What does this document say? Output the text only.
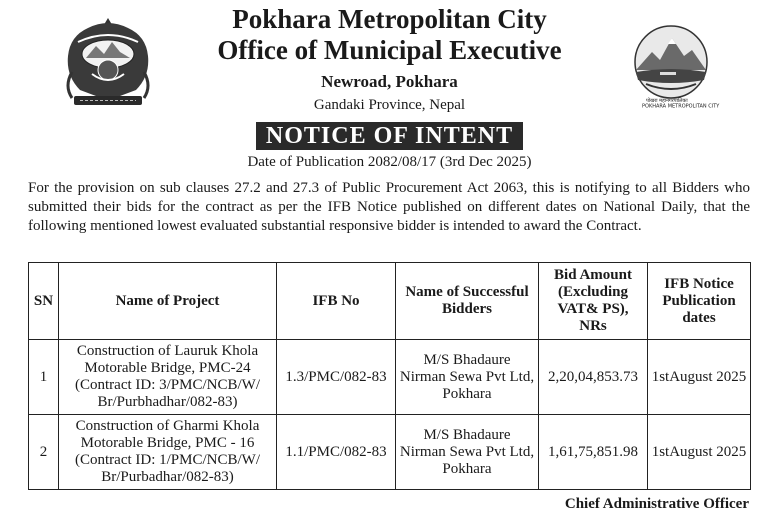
Pokhara Metropolitan City
Office of Municipal Executive
Newroad, Pokhara
Gandaki Province, Nepal	पोखरा महानगरपालिका
POKHARA METROPOLITAN CITY
NOTICE OF INTENT
Date of Publication 2082/08/17 (3rd Dec 2025)

For the provision on sub clauses 27.2 and 27.3 of Public Procurement Act 2063, this is notifying to all Bidders who submitted their bids for the contract as per the IFB Notice published on different dates on National Daily, that the following mentioned lowest evaluated substantial responsive bidder is intended to award the Contract.

SN	Name of Project	IFB No	Name of Successful Bidders	Bid Amount (Excluding VAT& PS), NRs	IFB Notice Publication dates
1	Construction of Lauruk Khola Motorable Bridge, PMC-24 (Contract ID: 3/PMC/NCB/W/ Br/Purbhadhar/082-83)	1.3/PMC/082-83	M/S Bhadaure Nirman Sewa Pvt Ltd, Pokhara	2,20,04,853.73	1stAugust 2025
2	Construction of Gharmi Khola Motorable Bridge, PMC - 16 (Contract ID: 1/PMC/NCB/W/ Br/Purbadhar/082-83)	1.1/PMC/082-83	M/S Bhadaure Nirman Sewa Pvt Ltd, Pokhara	1,61,75,851.98	1stAugust 2025
Chief Administrative Officer
